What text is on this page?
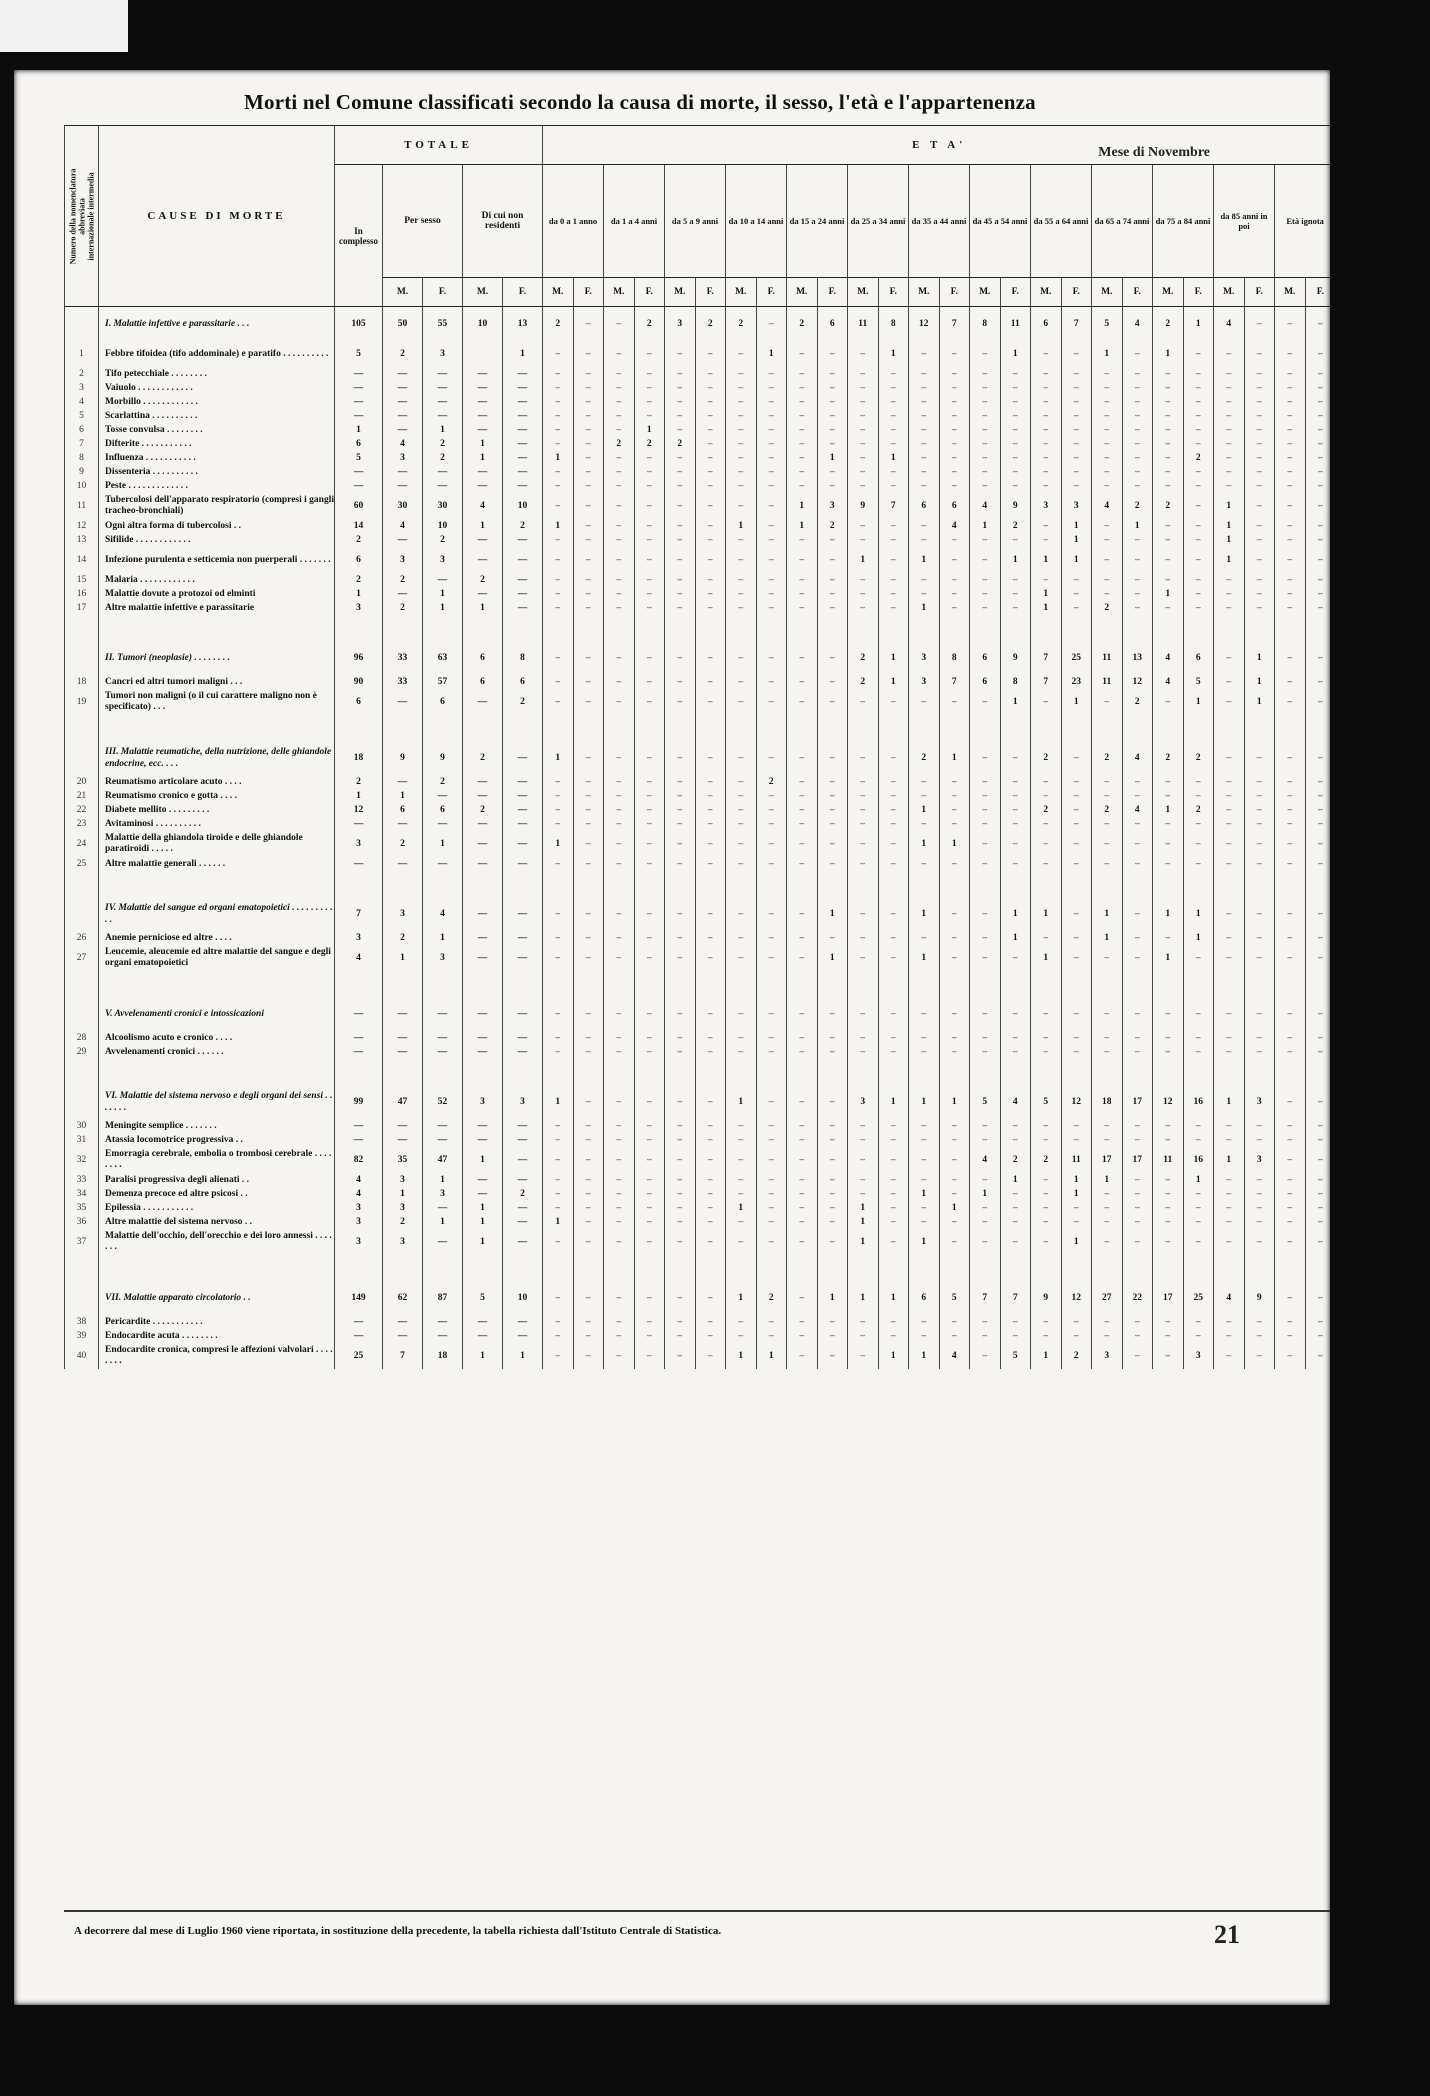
Morti nel Comune classificati secondo la causa di morte, il sesso, l'età e l'appartenenza
Mese di Novembre
Numero della nomenclatura
abbreviata
internazionale intermedia	CAUSE DI MORTE	TOTALE					E T A'																									
		In complesso	Per sesso		Di cui non residenti		da 0 a 1 anno		da 1 a 4 anni		da 5 a 9 anni		da 10 a 14 anni		da 15 a 24 anni		da 25 a 34 anni		da 35 a 44 anni		da 45 a 54 anni		da 55 a 64 anni		da 65 a 74 anni		da 75 a 84 anni		da 85 anni in poi		Età ignota	
			M.	F.	M.	F.	M.	F.	M.	F.	M.	F.	M.	F.	M.	F.	M.	F.	M.	F.	M.	F.	M.	F.	M.	F.	M.	F.	M.	F.	M.	F.
	I. Malattie infettive e parassitarie . . .	105	50	55	10	13	2	–	–	2	3	2	2	–	2	6	11	8	12	7	8	11	6	7	5	4	2	1	4	–	–	–
1	Febbre tifoidea (tifo addominale) e paratifo . . . . . . . . . .	5	2	3		1	–	–	–	–	–	–	–	1	–	–	–	1	–	–	–	1	–	–	1	–	1	–	–	–	–	–
2	Tifo petecchiale . . . . . . . .	—	—	—	—	—	–	–	–	–	–	–	–	–	–	–	–	–	–	–	–	–	–	–	–	–	–	–	–	–	–	–
3	Vaiuolo . . . . . . . . . . . .	—	—	—	—	—	–	–	–	–	–	–	–	–	–	–	–	–	–	–	–	–	–	–	–	–	–	–	–	–	–	–
4	Morbillo . . . . . . . . . . . .	—	—	—	—	—	–	–	–	–	–	–	–	–	–	–	–	–	–	–	–	–	–	–	–	–	–	–	–	–	–	–
5	Scarlattina . . . . . . . . . .	—	—	—	—	—	–	–	–	–	–	–	–	–	–	–	–	–	–	–	–	–	–	–	–	–	–	–	–	–	–	–
6	Tosse convulsa . . . . . . . .	1	—	1	—	—	–	–	–	1	–	–	–	–	–	–	–	–	–	–	–	–	–	–	–	–	–	–	–	–	–	–
7	Difterite . . . . . . . . . . .	6	4	2	1	—	–	–	2	2	2	–	–	–	–	–	–	–	–	–	–	–	–	–	–	–	–	–	–	–	–	–
8	Influenza . . . . . . . . . . .	5	3	2	1	—	1	–	–	–	–	–	–	–	–	1	–	1	–	–	–	–	–	–	–	–	–	2	–	–	–	–
9	Dissenteria . . . . . . . . . .	—	—	—	—	—	–	–	–	–	–	–	–	–	–	–	–	–	–	–	–	–	–	–	–	–	–	–	–	–	–	–
10	Peste . . . . . . . . . . . . .	—	—	—	—	—	–	–	–	–	–	–	–	–	–	–	–	–	–	–	–	–	–	–	–	–	–	–	–	–	–	–
11	Tubercolosi dell'apparato respiratorio (compresi i gangli tracheo-bronchiali)	60	30	30	4	10	–	–	–	–	–	–	–	–	1	3	9	7	6	6	4	9	3	3	4	2	2	–	1	–	–	–
12	Ogni altra forma di tubercolosi . .	14	4	10	1	2	1	–	–	–	–	–	1	–	1	2	–	–	–	4	1	2	–	1	–	1	–	–	1	–	–	–
13	Sifilide . . . . . . . . . . . .	2	—	2	—	—	–	–	–	–	–	–	–	–	–	–	–	–	–	–	–	–	–	1	–	–	–	–	1	–	–	–
14	Infezione purulenta e setticemia non puerperali . . . . . . .	6	3	3	—	—	–	–	–	–	–	–	–	–	–	–	1	–	1	–	–	1	1	1	–	–	–	–	1	–	–	–
15	Malaria . . . . . . . . . . . .	2	2	—	2	—	–	–	–	–	–	–	–	–	–	–	–	–	–	–	–	–	–	–	–	–	–	–	–	–	–	–
16	Malattie dovute a protozoi od elminti	1	—	1	—	—	–	–	–	–	–	–	–	–	–	–	–	–	–	–	–	–	1	–	–	–	1	–	–	–	–	–
17	Altre malattie infettive e parassitarie	3	2	1	1	—	–	–	–	–	–	–	–	–	–	–	–	–	1	–	–	–	1	–	2	–	–	–	–	–	–	–

	II. Tumori (neoplasie) . . . . . . . .	96	33	63	6	8	–	–	–	–	–	–	–	–	–	–	2	1	3	8	6	9	7	25	11	13	4	6	–	1	–	–
18	Cancri ed altri tumori maligni . . .	90	33	57	6	6	–	–	–	–	–	–	–	–	–	–	2	1	3	7	6	8	7	23	11	12	4	5	–	1	–	–
19	Tumori non maligni (o il cui carattere maligno non è specificato) . . .	6	—	6	—	2	–	–	–	–	–	–	–	–	–	–	–	–	–	–	–	1	–	1	–	2	–	1	–	1	–	–

	III. Malattie reumatiche, della nutrizione, delle ghiandole endocrine, ecc. . . .	18	9	9	2	—	1	–	–	–	–	–	–	–	–	–	–	–	2	1	–	–	2	–	2	4	2	2	–	–	–	–
20	Reumatismo articolare acuto . . . .	2	—	2	—	—	–	–	–	–	–	–	–	2	–	–	–	–	–	–	–	–	–	–	–	–	–	–	–	–	–	–
21	Reumatismo cronico e gotta . . . .	1	1	—	—	—	–	–	–	–	–	–	–	–	–	–	–	–	–	–	–	–	–	–	–	–	–	–	–	–	–	–
22	Diabete mellito . . . . . . . . .	12	6	6	2	—	–	–	–	–	–	–	–	–	–	–	–	–	1	–	–	–	2	–	2	4	1	2	–	–	–	–
23	Avitaminosi . . . . . . . . . .	—	—	—	—	—	–	–	–	–	–	–	–	–	–	–	–	–	–	–	–	–	–	–	–	–	–	–	–	–	–	–
24	Malattie della ghiandola tiroide e delle ghiandole paratiroidi . . . . .	3	2	1	—	—	1	–	–	–	–	–	–	–	–	–	–	–	1	1	–	–	–	–	–	–	–	–	–	–	–	–
25	Altre malattie generali . . . . . .	—	—	—	—	—	–	–	–	–	–	–	–	–	–	–	–	–	–	–	–	–	–	–	–	–	–	–	–	–	–	–

	IV. Malattie del sangue ed organi ematopoietici . . . . . . . . . . .	7	3	4	—	—	–	–	–	–	–	–	–	–	–	1	–	–	1	–	–	1	1	–	1	–	1	1	–	–	–	–
26	Anemie perniciose ed altre . . . .	3	2	1	—	—	–	–	–	–	–	–	–	–	–	–	–	–	–	–	–	1	–	–	1	–	–	1	–	–	–	–
27	Leucemie, aleucemie ed altre malattie del sangue e degli organi ematopoietici	4	1	3	—	—	–	–	–	–	–	–	–	–	–	1	–	–	1	–	–	–	1	–	–	–	1	–	–	–	–	–

	V. Avvelenamenti cronici e intossicazioni	—	—	—	—	—	–	–	–	–	–	–	–	–	–	–	–	–	–	–	–	–	–	–	–	–	–	–	–	–	–	–
28	Alcoolismo acuto e cronico . . . .	—	—	—	—	—	–	–	–	–	–	–	–	–	–	–	–	–	–	–	–	–	–	–	–	–	–	–	–	–	–	–
29	Avvelenamenti cronici . . . . . .	—	—	—	—	—	–	–	–	–	–	–	–	–	–	–	–	–	–	–	–	–	–	–	–	–	–	–	–	–	–	–

	VI. Malattie del sistema nervoso e degli organi dei sensi . . . . . . .	99	47	52	3	3	1	–	–	–	–	–	1	–	–	–	3	1	1	1	5	4	5	12	18	17	12	16	1	3	–	–
30	Meningite semplice . . . . . . .	—	—	—	—	—	–	–	–	–	–	–	–	–	–	–	–	–	–	–	–	–	–	–	–	–	–	–	–	–	–	–
31	Atassia locomotrice progressiva . .	—	—	—	—	—	–	–	–	–	–	–	–	–	–	–	–	–	–	–	–	–	–	–	–	–	–	–	–	–	–	–
32	Emorragia cerebrale, embolia o trombosi cerebrale . . . . . . . .	82	35	47	1	—	–	–	–	–	–	–	–	–	–	–	–	–	–	–	4	2	2	11	17	17	11	16	1	3	–	–
33	Paralisi progressiva degli alienati . .	4	3	1	—	—	–	–	–	–	–	–	–	–	–	–	–	–	–	–	–	1	–	1	1	–	–	1	–	–	–	–
34	Demenza precoce ed altre psicosi . .	4	1	3	—	2	–	–	–	–	–	–	–	–	–	–	–	–	1	–	1	–	–	1	–	–	–	–	–	–	–	–
35	Epilessia . . . . . . . . . . .	3	3	—	1	—	–	–	–	–	–	–	1	–	–	–	1	–	–	1	–	–	–	–	–	–	–	–	–	–	–	–
36	Altre malattie del sistema nervoso . .	3	2	1	1	—	1	–	–	–	–	–	–	–	–	–	1	–	–	–	–	–	–	–	–	–	–	–	–	–	–	–
37	Malattie dell'occhio, dell'orecchio e dei loro annessi . . . . . . .	3	3	—	1	—	–	–	–	–	–	–	–	–	–	–	1	–	1	–	–	–	–	1	–	–	–	–	–	–	–	–

	VII. Malattie apparato circolatorio . .	149	62	87	5	10	–	–	–	–	–	–	1	2	–	1	1	1	6	5	7	7	9	12	27	22	17	25	4	9	–	–
38	Pericardite . . . . . . . . . . .	—	—	—	—	—	–	–	–	–	–	–	–	–	–	–	–	–	–	–	–	–	–	–	–	–	–	–	–	–	–	–
39	Endocardite acuta . . . . . . . .	—	—	—	—	—	–	–	–	–	–	–	–	–	–	–	–	–	–	–	–	–	–	–	–	–	–	–	–	–	–	–
40	Endocardite cronica, compresi le affezioni valvolari . . . . . . . .	25	7	18	1	1	–	–	–	–	–	–	1	1	–	–	–	1	1	4	–	5	1	2	3	–	–	3	–	–	–	–
A decorrere dal mese di Luglio 1960 viene riportata, in sostituzione della precedente, la tabella richiesta dall'Istituto Centrale di Statistica.	21
